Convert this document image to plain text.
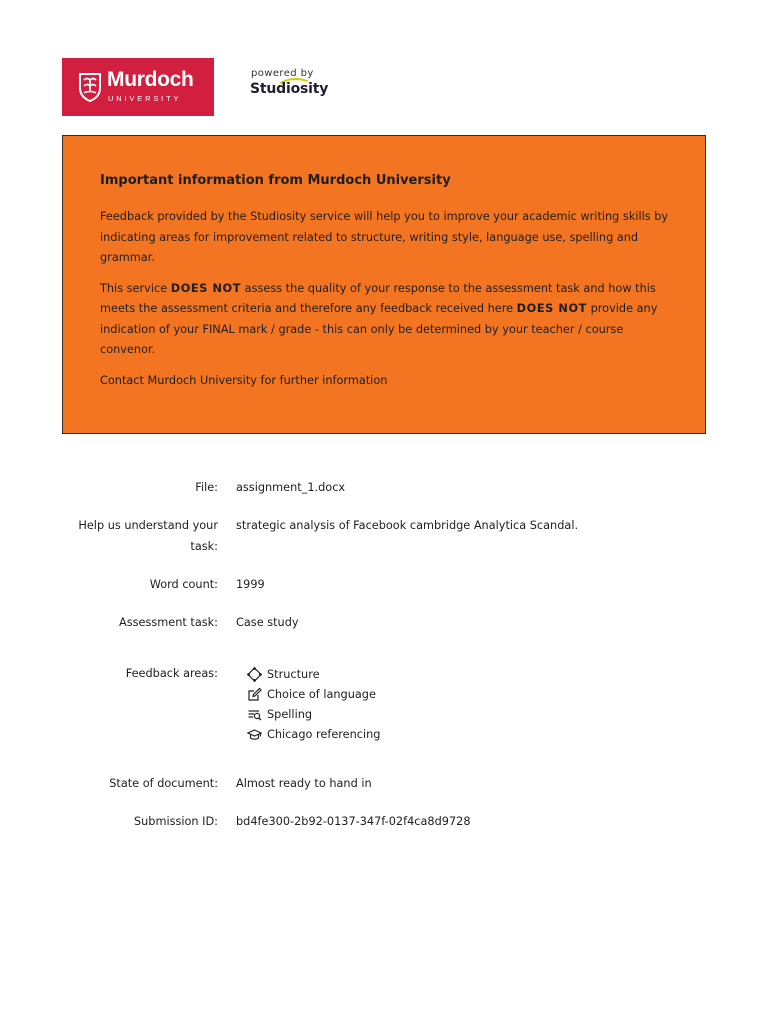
Murdoch
UNIVERSITY
powered by
Studiosity
Important information from Murdoch University

Feedback provided by the Studiosity service will help you to improve your academic writing skills by indicating areas for improvement related to structure, writing style, language use, spelling and grammar.

This service DOES NOT assess the quality of your response to the assessment task and how this meets the assessment criteria and therefore any feedback received here DOES NOT provide any indication of your FINAL mark / grade - this can only be determined by your teacher / course convenor.

Contact Murdoch University for further information

File: assignment_1.docx
Help us understand your task:
strategic analysis of Facebook cambridge Analytica Scandal.
Word count: 1999
Assessment task: Case study
Feedback areas:	Structure
Choice of language
Spelling
Chicago referencing
State of document: Almost ready to hand in
Submission ID: bd4fe300-2b92-0137-347f-02f4ca8d9728
